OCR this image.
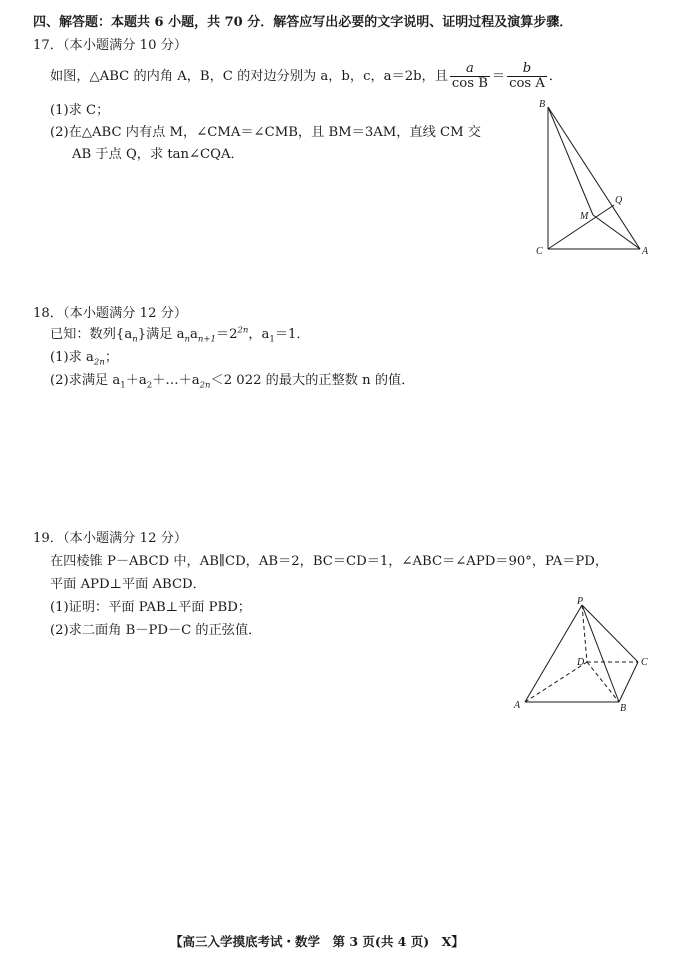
四、解答题：本题共 6 小题，共 70 分．解答应写出必要的文字说明、证明过程及演算步骤．
17．（本小题满分 10 分）
如图，△ABC 的内角 A，B，C 的对边分别为 a，b，c，a＝2b，且 $\frac{a}{\text{cos B}} = \frac{b}{\text{cos A}}$ ．
(1)求 C；
(2)在△ABC 内有点 M，∠CMA＝∠CMB，且 BM＝3AM，直线 CM 交
AB 于点 Q，求 tan∠CQA．
B
C	A
M
Q
18．（本小题满分 12 分）
已知：数列$\{a_n\}$满足 $a_na_{n+1}=2^{2n}$，$a_1=1$．
(1)求 $a_{2n}$；
(2)求满足 $a_1+a_2+\dots+a_{2n}<2$ 022 的最大的正整数 n 的值．
19．（本小题满分 12 分）
在四棱锥 P－ABCD 中，AB∥CD，AB＝2，BC＝CD＝1，∠ABC＝∠APD＝90°，PA＝PD，
平面 APD⊥平面 ABCD．
(1)证明：平面 PAB⊥平面 PBD；
(2)求二面角 B－PD－C 的正弦值．
P
D	C
A	B
【高三入学摸底考试・数学　第 3 页(共 4 页)　X】
